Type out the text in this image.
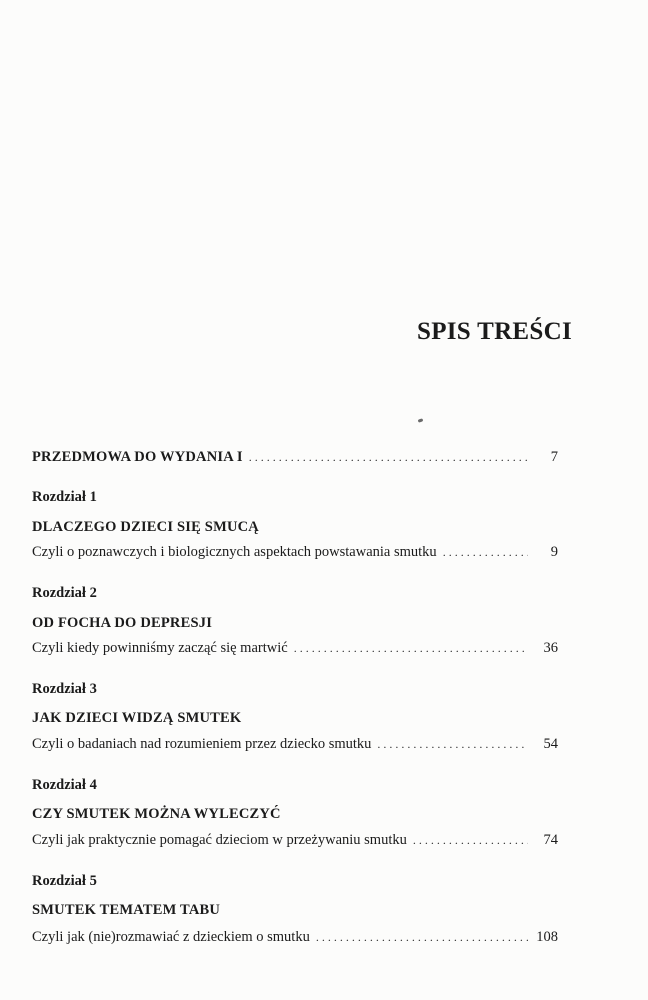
SPIS TREŚCI
PRZEDMOWA DO WYDANIA I . . .	7
Rozdział 1
DLACZEGO DZIECI SIĘ SMUCĄ
Czyli o poznawczych i biologicznych aspektach powstawania smutku . . .	9
Rozdział 2
OD FOCHA DO DEPRESJI
Czyli kiedy powinniśmy zacząć się martwić . . .	36
Rozdział 3
JAK DZIECI WIDZĄ SMUTEK
Czyli o badaniach nad rozumieniem przez dziecko smutku . . .	54
Rozdział 4
CZY SMUTEK MOŻNA WYLECZYĆ
Czyli jak praktycznie pomagać dzieciom w przeżywaniu smutku . . .	74
Rozdział 5
SMUTEK TEMATEM TABU
Czyli jak (nie)rozmawiać z dzieckiem o smutku . . .	108
